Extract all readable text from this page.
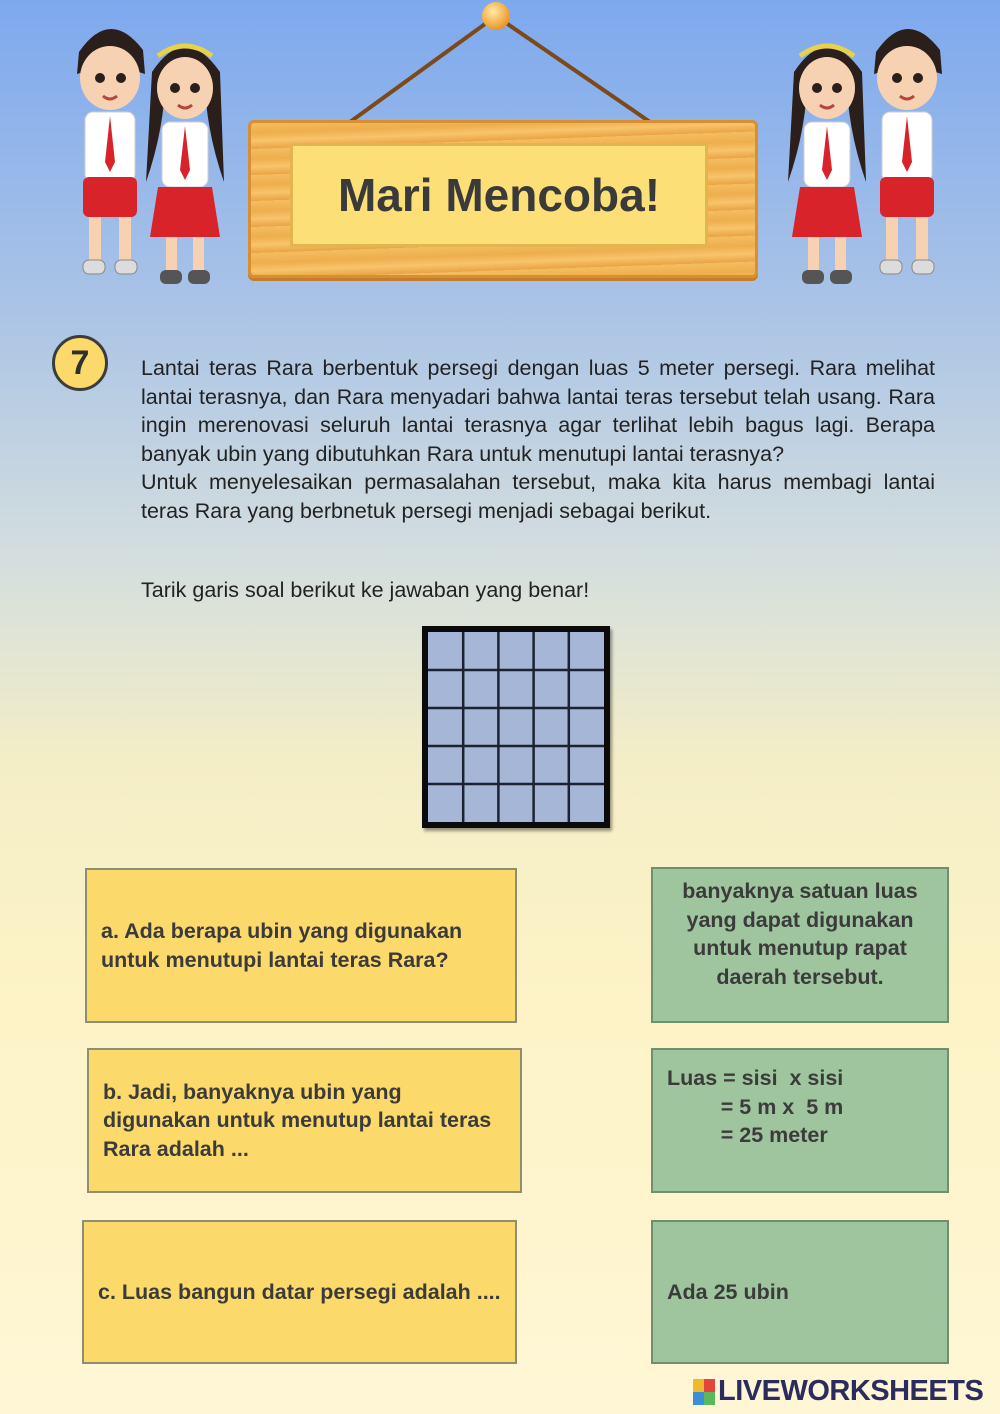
Mari Mencoba!
7	Lantai teras Rara berbentuk persegi dengan luas 5 meter persegi. Rara melihat lantai terasnya, dan Rara menyadari bahwa lantai teras tersebut telah usang. Rara ingin merenovasi seluruh lantai terasnya agar terlihat lebih bagus lagi. Berapa banyak ubin yang dibutuhkan Rara untuk menutupi lantai terasnya?

Untuk menyelesaikan permasalahan tersebut, maka kita harus membagi lantai teras Rara yang berbnetuk persegi menjadi sebagai berikut.

Tarik garis soal berikut ke jawaban yang benar!
a. Ada berapa ubin yang digunakan untuk menutupi lantai teras Rara?
b. Jadi, banyaknya ubin yang digunakan untuk menutup lantai teras Rara adalah ...
c. Luas bangun datar persegi adalah ....
banyaknya satuan luas yang dapat digunakan untuk menutup rapat daerah tersebut.
Luas = sisi  x sisi
= 5 m x  5 m
= 25 meter
Ada 25 ubin
LIVEWORKSHEETS
